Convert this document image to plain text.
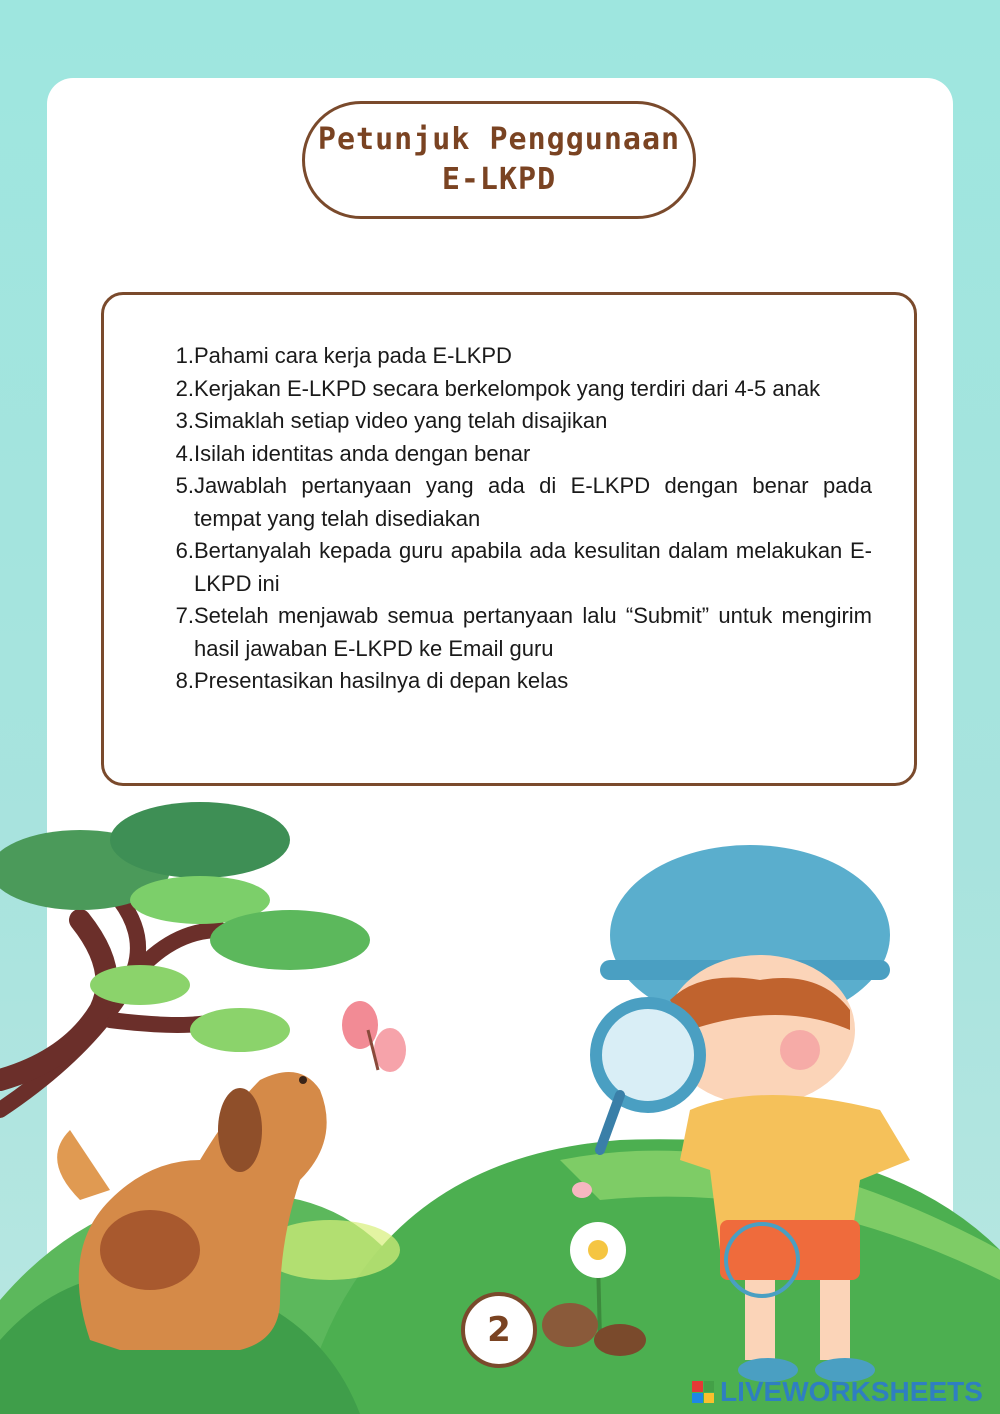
Petunjuk Penggunaan
E-LKPD
1. Pahami cara kerja pada E-LKPD
2. Kerjakan E-LKPD secara berkelompok yang terdiri dari 4-5 anak
3. Simaklah setiap video yang telah disajikan
4. Isilah identitas anda dengan benar
5. Jawablah pertanyaan yang ada di E-LKPD dengan benar pada tempat yang telah disediakan
6. Bertanyalah kepada guru apabila ada kesulitan dalam melakukan E-LKPD ini
7. Setelah menjawab semua pertanyaan lalu “Submit” untuk mengirim hasil jawaban E-LKPD ke Email guru
8. Presentasikan hasilnya di depan kelas
2
LIVEWORKSHEETS
